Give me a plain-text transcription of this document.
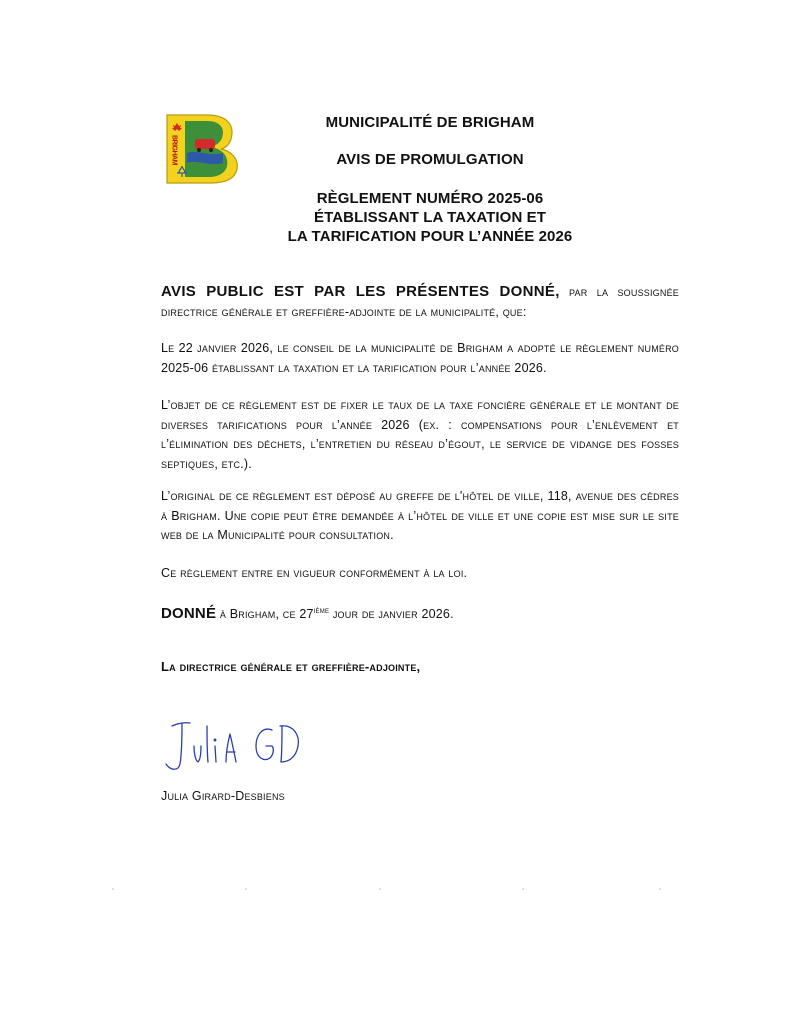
BRIGHAM
MUNICIPALITÉ DE BRIGHAM
AVIS DE PROMULGATION
RÈGLEMENT NUMÉRO 2025-06
ÉTABLISSANT LA TAXATION ET
LA TARIFICATION POUR L’ANNÉE 2026
AVIS PUBLIC EST PAR LES PRÉSENTES DONNÉ, par la soussignée directrice générale et greffière-adjointe de la municipalité, que:
Le 22 janvier 2026, le conseil de la municipalité de Brigham a adopté le règlement numéro 2025-06 établissant la taxation et la tarification pour l’année 2026.
L’objet de ce règlement est de fixer le taux de la taxe foncière générale et le montant de diverses tarifications pour l’année 2026 (ex. : compensations pour l’enlèvement et l’élimination des déchets, l’entretien du réseau d’égout, le service de vidange des fosses septiques, etc.).
L’original de ce règlement est déposé au greffe de l'hôtel de ville, 118, avenue des cèdres à Brigham. Une copie peut être demandée à l’hôtel de ville et une copie est mise sur le site web de la Municipalité pour consultation.
Ce règlement entre en vigueur conformément à la loi.
DONNÉ à Brigham, ce 27ième jour de janvier 2026.
La directrice générale et greffière-adjointe,
Julia Girard-Desbiens
